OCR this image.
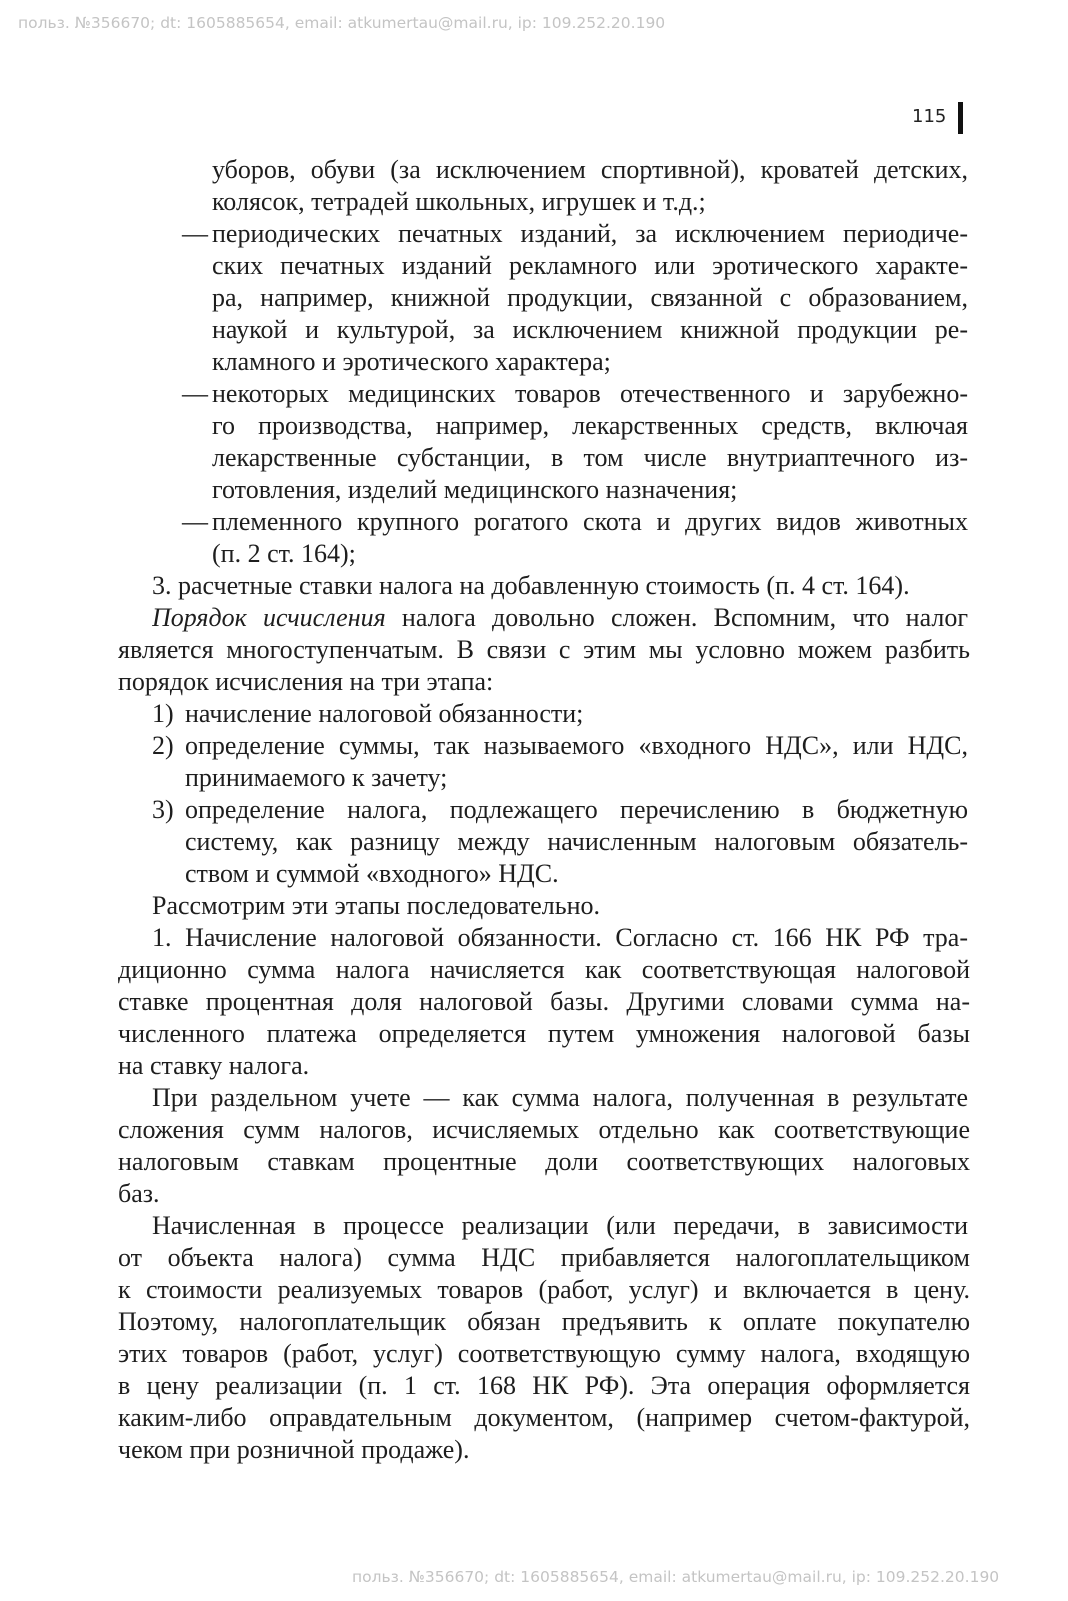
польз. №356670; dt: 1605885654, email: atkumertau@mail.ru, ip: 109.252.20.190
115
уборов, обуви (за исключением спортивной), кроватей детских,
колясок, тетрадей школьных, игрушек и т.д.;
— периодических печатных изданий, за исключением периодиче-
ских печатных изданий рекламного или эротического характе-
ра, например, книжной продукции, связанной с образованием,
наукой и культурой, за исключением книжной продукции ре-
кламного и эротического характера;
— некоторых медицинских товаров отечественного и зарубежно-
го производства, например, лекарственных средств, включая
лекарственные субстанции, в том числе внутриаптечного из-
готовления, изделий медицинского назначения;
— племенного крупного рогатого скота и других видов животных
(п. 2 ст. 164);
3. расчетные ставки налога на добавленную стоимость (п. 4 ст. 164).
Порядок исчисления налога довольно сложен. Вспомним, что налог
является многоступенчатым. В связи с этим мы условно можем разбить
порядок исчисления на три этапа:
1) начисление налоговой обязанности;
2) определение суммы, так называемого «входного НДС», или НДС,
принимаемого к зачету;
3) определение налога, подлежащего перечислению в бюджетную
систему, как разницу между начисленным налоговым обязатель-
ством и суммой «входного» НДС.
Рассмотрим эти этапы последовательно.
1. Начисление налоговой обязанности. Согласно ст. 166 НК РФ тра-
диционно сумма налога начисляется как соответствующая налоговой
ставке процентная доля налоговой базы. Другими словами сумма на-
численного платежа определяется путем умножения налоговой базы
на ставку налога.
При раздельном учете — как сумма налога, полученная в результате
сложения сумм налогов, исчисляемых отдельно как соответствующие
налоговым ставкам процентные доли соответствующих налоговых
баз.
Начисленная в процессе реализации (или передачи, в зависимости
от объекта налога) сумма НДС прибавляется налогоплательщиком
к стоимости реализуемых товаров (работ, услуг) и включается в цену.
Поэтому, налогоплательщик обязан предъявить к оплате покупателю
этих товаров (работ, услуг) соответствующую сумму налога, входящую
в цену реализации (п. 1 ст. 168 НК РФ). Эта операция оформляется
каким-либо оправдательным документом, (например счетом-фактурой,
чеком при розничной продаже).
польз. №356670; dt: 1605885654, email: atkumertau@mail.ru, ip: 109.252.20.190
